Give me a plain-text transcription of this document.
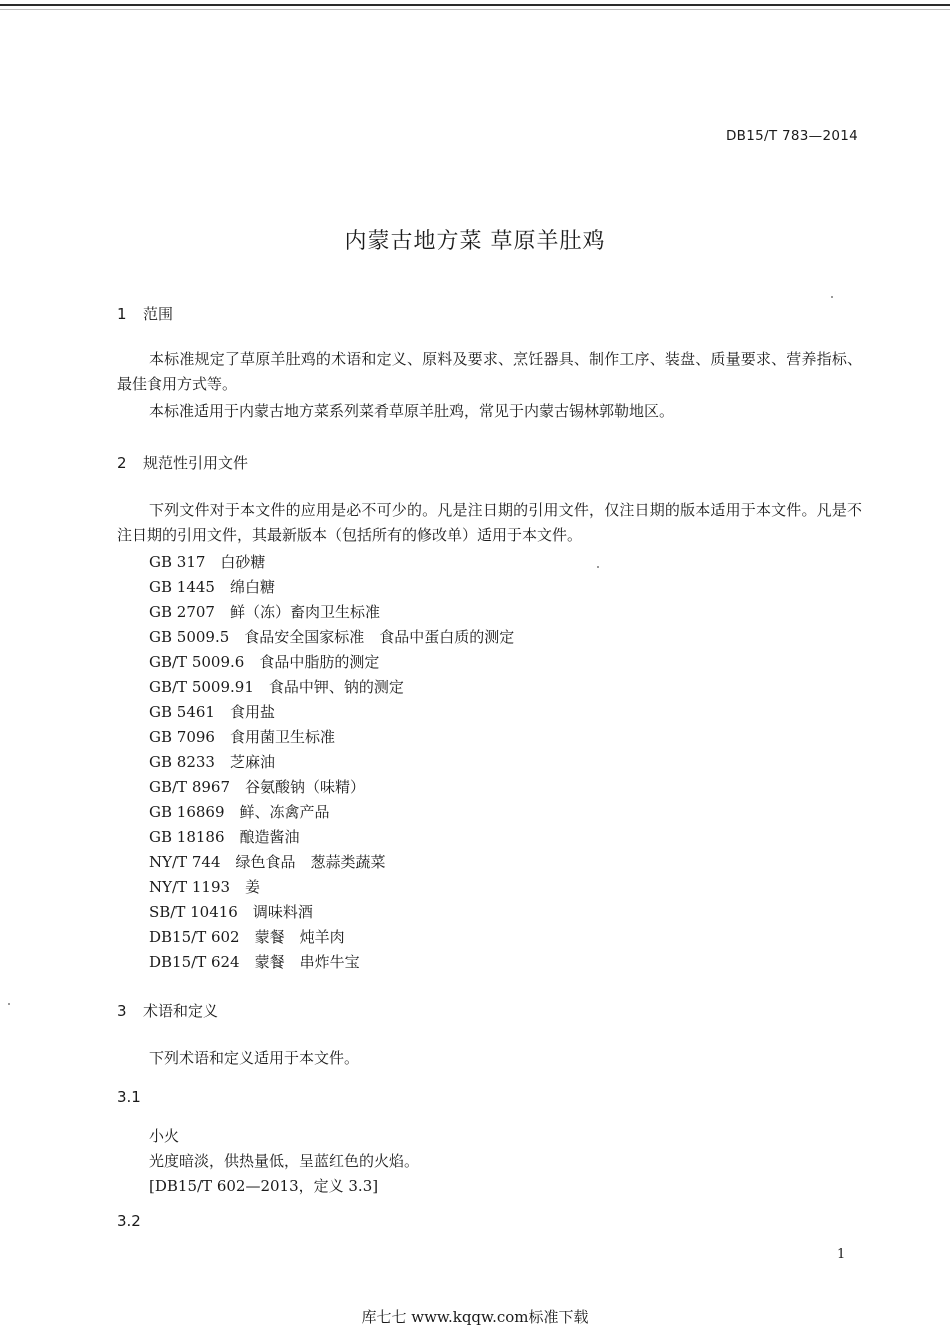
DB15/T 783—2014
内蒙古地方菜 草原羊肚鸡
1 范围
本标准规定了草原羊肚鸡的术语和定义、原料及要求、烹饪器具、制作工序、装盘、质量要求、营养指标、最佳食用方式等。
本标准适用于内蒙古地方菜系列菜肴草原羊肚鸡，常见于内蒙古锡林郭勒地区。
2 规范性引用文件
下列文件对于本文件的应用是必不可少的。凡是注日期的引用文件，仅注日期的版本适用于本文件。凡是不注日期的引用文件，其最新版本（包括所有的修改单）适用于本文件。
GB 317　白砂糖
GB 1445　绵白糖
GB 2707　鲜（冻）畜肉卫生标准
GB 5009.5　食品安全国家标准　食品中蛋白质的测定
GB/T 5009.6　食品中脂肪的测定
GB/T 5009.91　食品中钾、钠的测定
GB 5461　食用盐
GB 7096　食用菌卫生标准
GB 8233　芝麻油
GB/T 8967　谷氨酸钠（味精）
GB 16869　鲜、冻禽产品
GB 18186　酿造酱油
NY/T 744　绿色食品　葱蒜类蔬菜
NY/T 1193　姜
SB/T 10416　调味料酒
DB15/T 602　蒙餐　炖羊肉
DB15/T 624　蒙餐　串炸牛宝
3 术语和定义
下列术语和定义适用于本文件。
3.1
小火
光度暗淡，供热量低，呈蓝红色的火焰。
[DB15/T 602—2013，定义 3.3]
3.2
1
库七七 www.kqqw.com标准下载
